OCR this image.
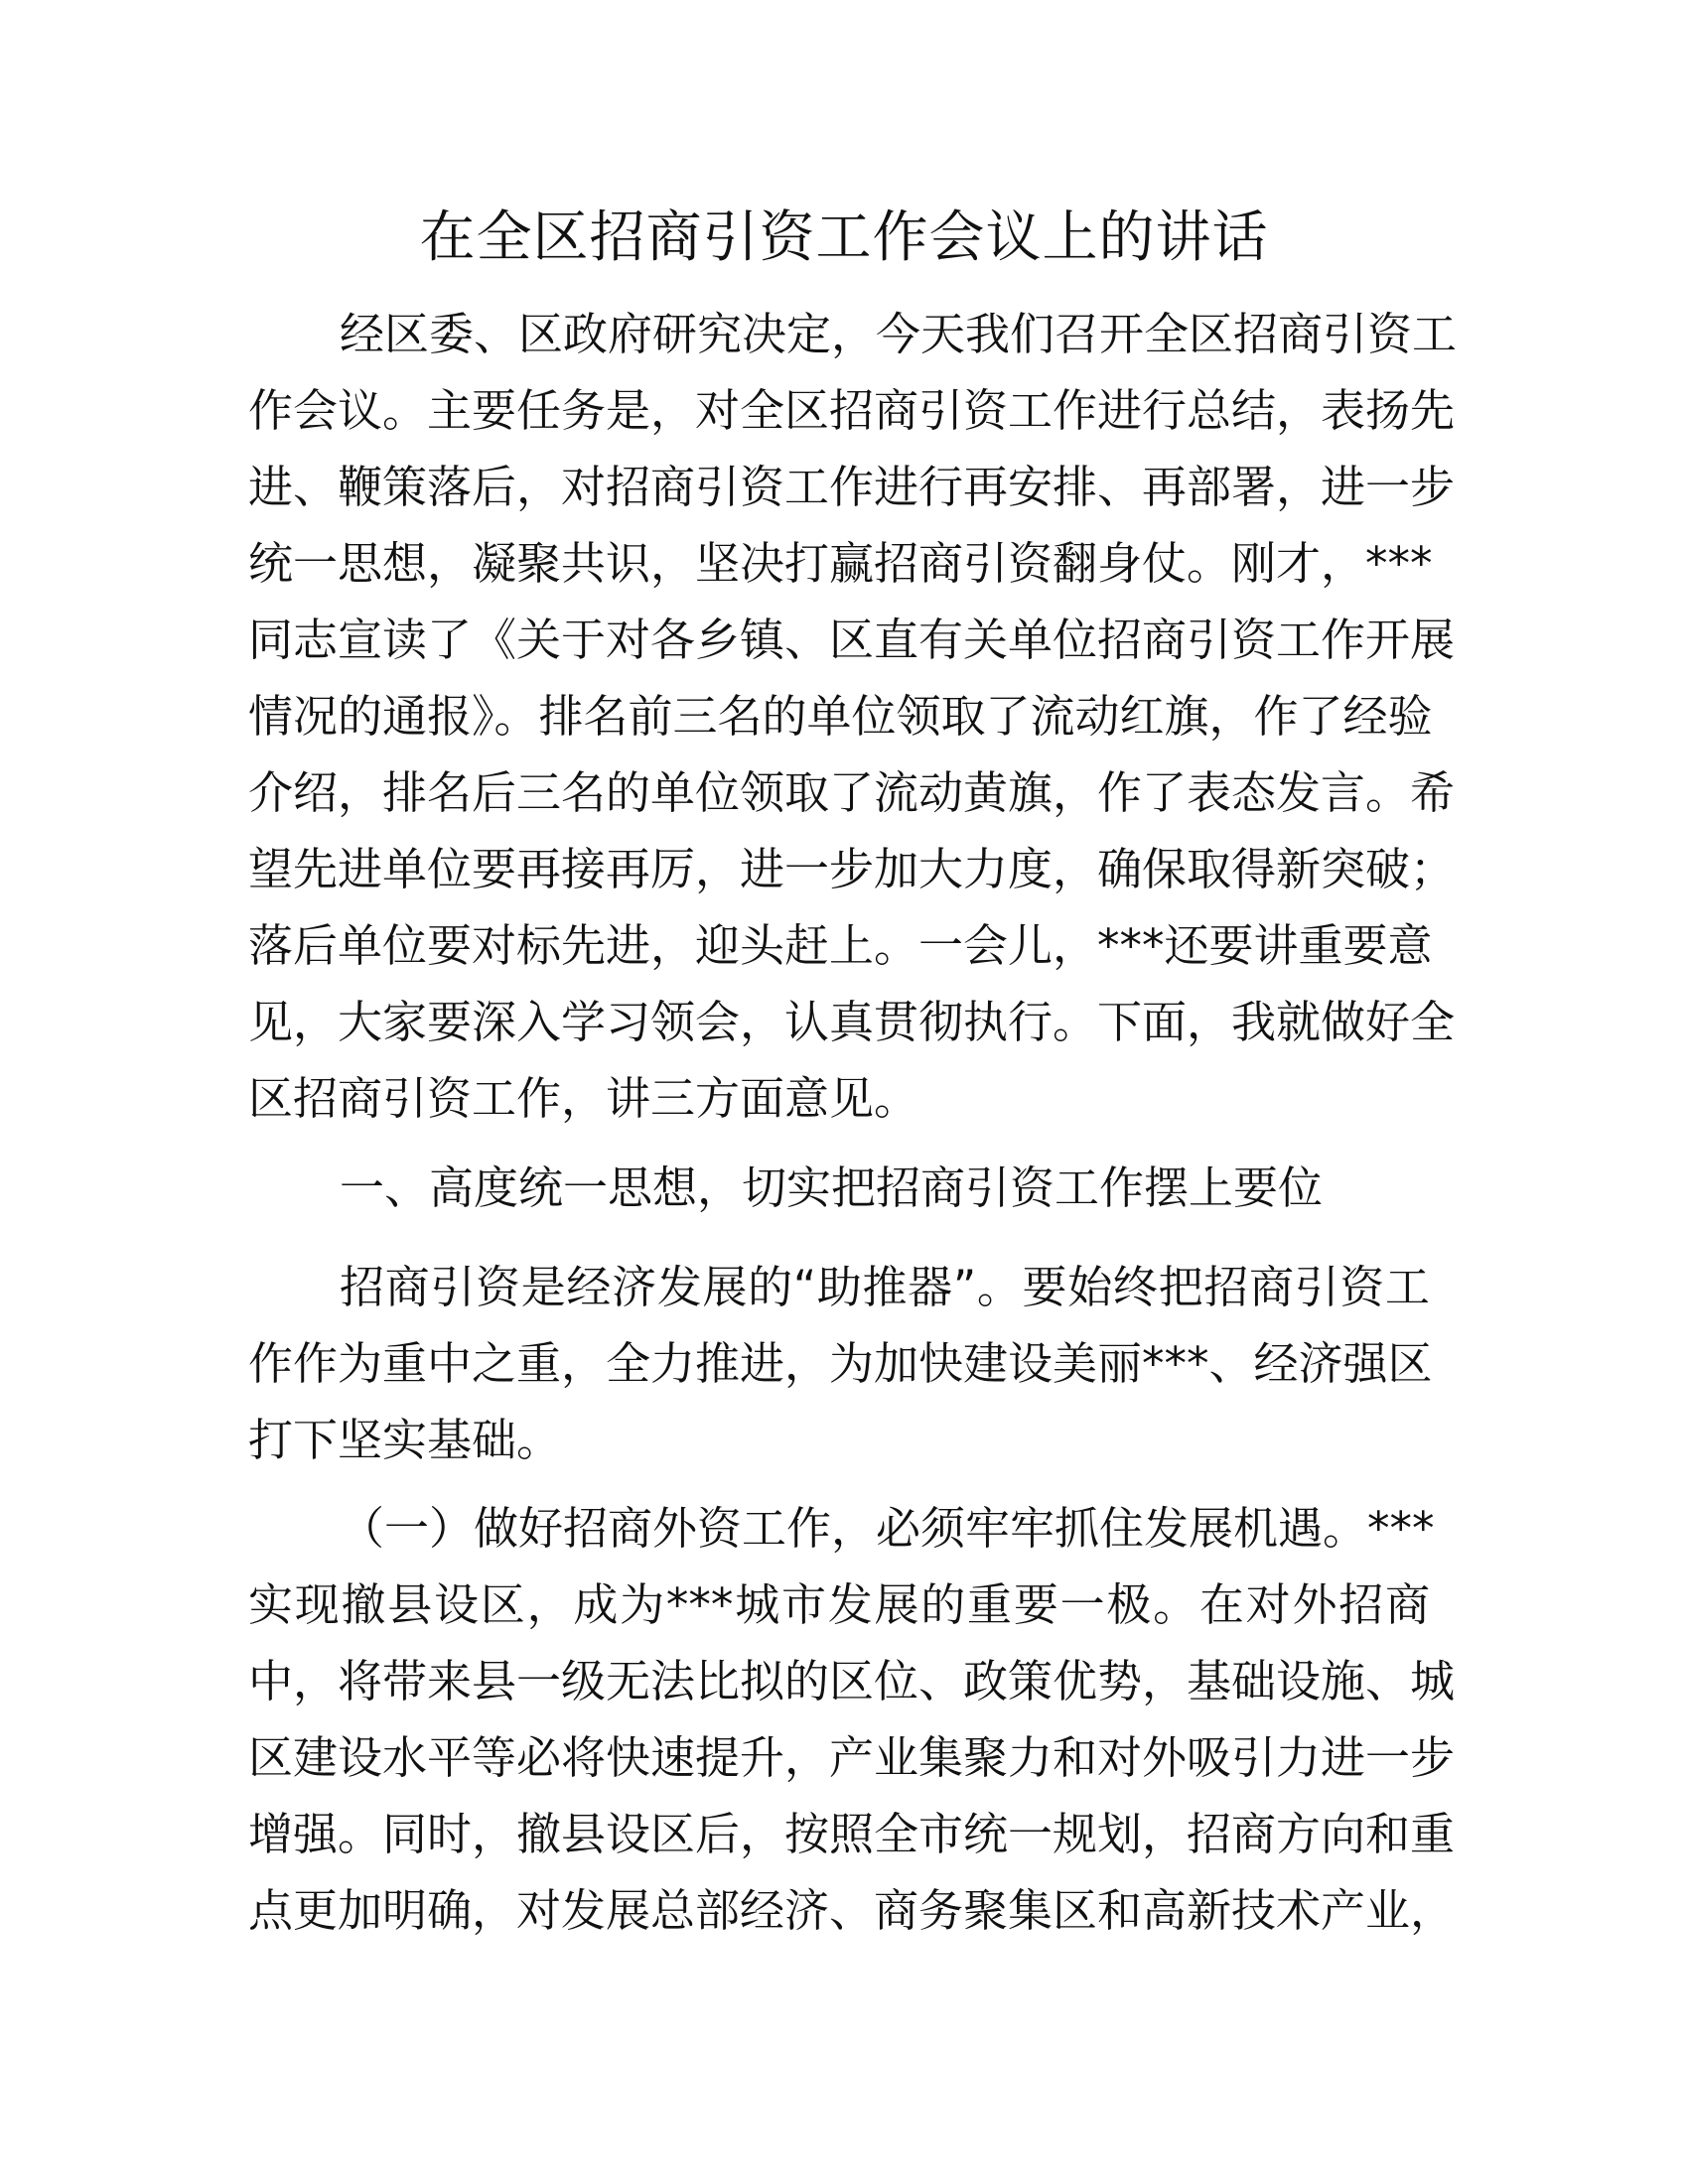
在全区招商引资工作会议上的讲话
经区委、区政府研究决定，今天我们召开全区招商引资工
作会议。主要任务是，对全区招商引资工作进行总结，表扬先
进、鞭策落后，对招商引资工作进行再安排、再部署，进一步
统一思想，凝聚共识，坚决打赢招商引资翻身仗。刚才，***
同志宣读了《关于对各乡镇、区直有关单位招商引资工作开展
情况的通报》。排名前三名的单位领取了流动红旗，作了经验
介绍，排名后三名的单位领取了流动黄旗，作了表态发言。希
望先进单位要再接再厉，进一步加大力度，确保取得新突破；
落后单位要对标先进，迎头赶上。一会儿，***还要讲重要意
见，大家要深入学习领会，认真贯彻执行。下面，我就做好全
区招商引资工作，讲三方面意见。
一、高度统一思想，切实把招商引资工作摆上要位
招商引资是经济发展的“助推器”。要始终把招商引资工
作作为重中之重，全力推进，为加快建设美丽***、经济强区
打下坚实基础。
（一）做好招商外资工作，必须牢牢抓住发展机遇。***
实现撤县设区，成为***城市发展的重要一极。在对外招商
中，将带来县一级无法比拟的区位、政策优势，基础设施、城
区建设水平等必将快速提升，产业集聚力和对外吸引力进一步
增强。同时，撤县设区后，按照全市统一规划，招商方向和重
点更加明确，对发展总部经济、商务聚集区和高新技术产业，
